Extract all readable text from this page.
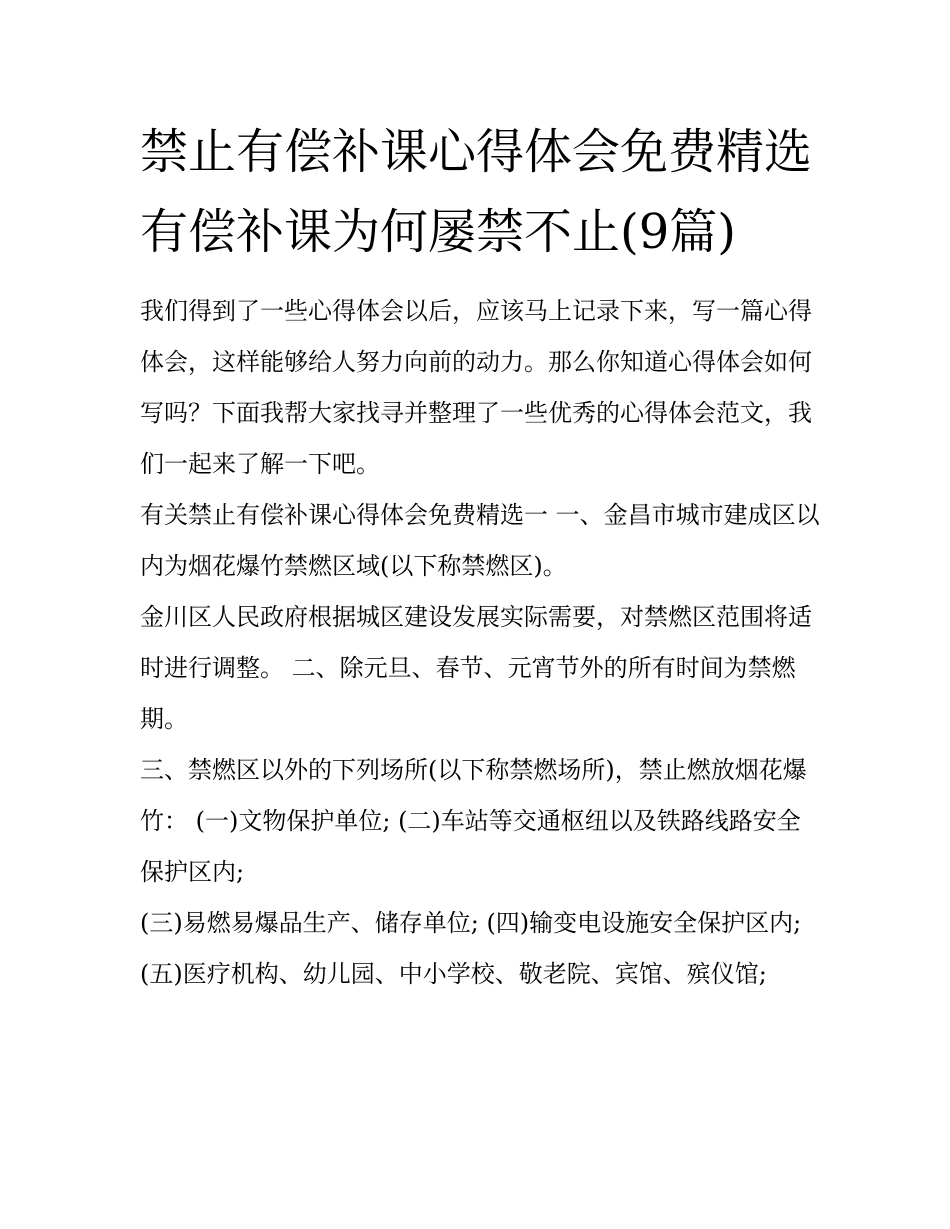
禁止有偿补课心得体会免费精选 有偿补课为何屡禁不止(9篇)

我们得到了一些心得体会以后，应该马上记录下来，写一篇心得体会，这样能够给人努力向前的动力。那么你知道心得体会如何写吗？下面我帮大家找寻并整理了一些优秀的心得体会范文，我们一起来了解一下吧。

有关禁止有偿补课心得体会免费精选一 一、金昌市城市建成区以内为烟花爆竹禁燃区域(以下称禁燃区)。

金川区人民政府根据城区建设发展实际需要，对禁燃区范围将适时进行调整。 二、除元旦、春节、元宵节外的所有时间为禁燃期。

三、禁燃区以外的下列场所(以下称禁燃场所)，禁止燃放烟花爆竹： (一)文物保护单位; (二)车站等交通枢纽以及铁路线路安全保护区内;

(三)易燃易爆品生产、储存单位; (四)输变电设施安全保护区内; (五)医疗机构、幼儿园、中小学校、敬老院、宾馆、殡仪馆;
